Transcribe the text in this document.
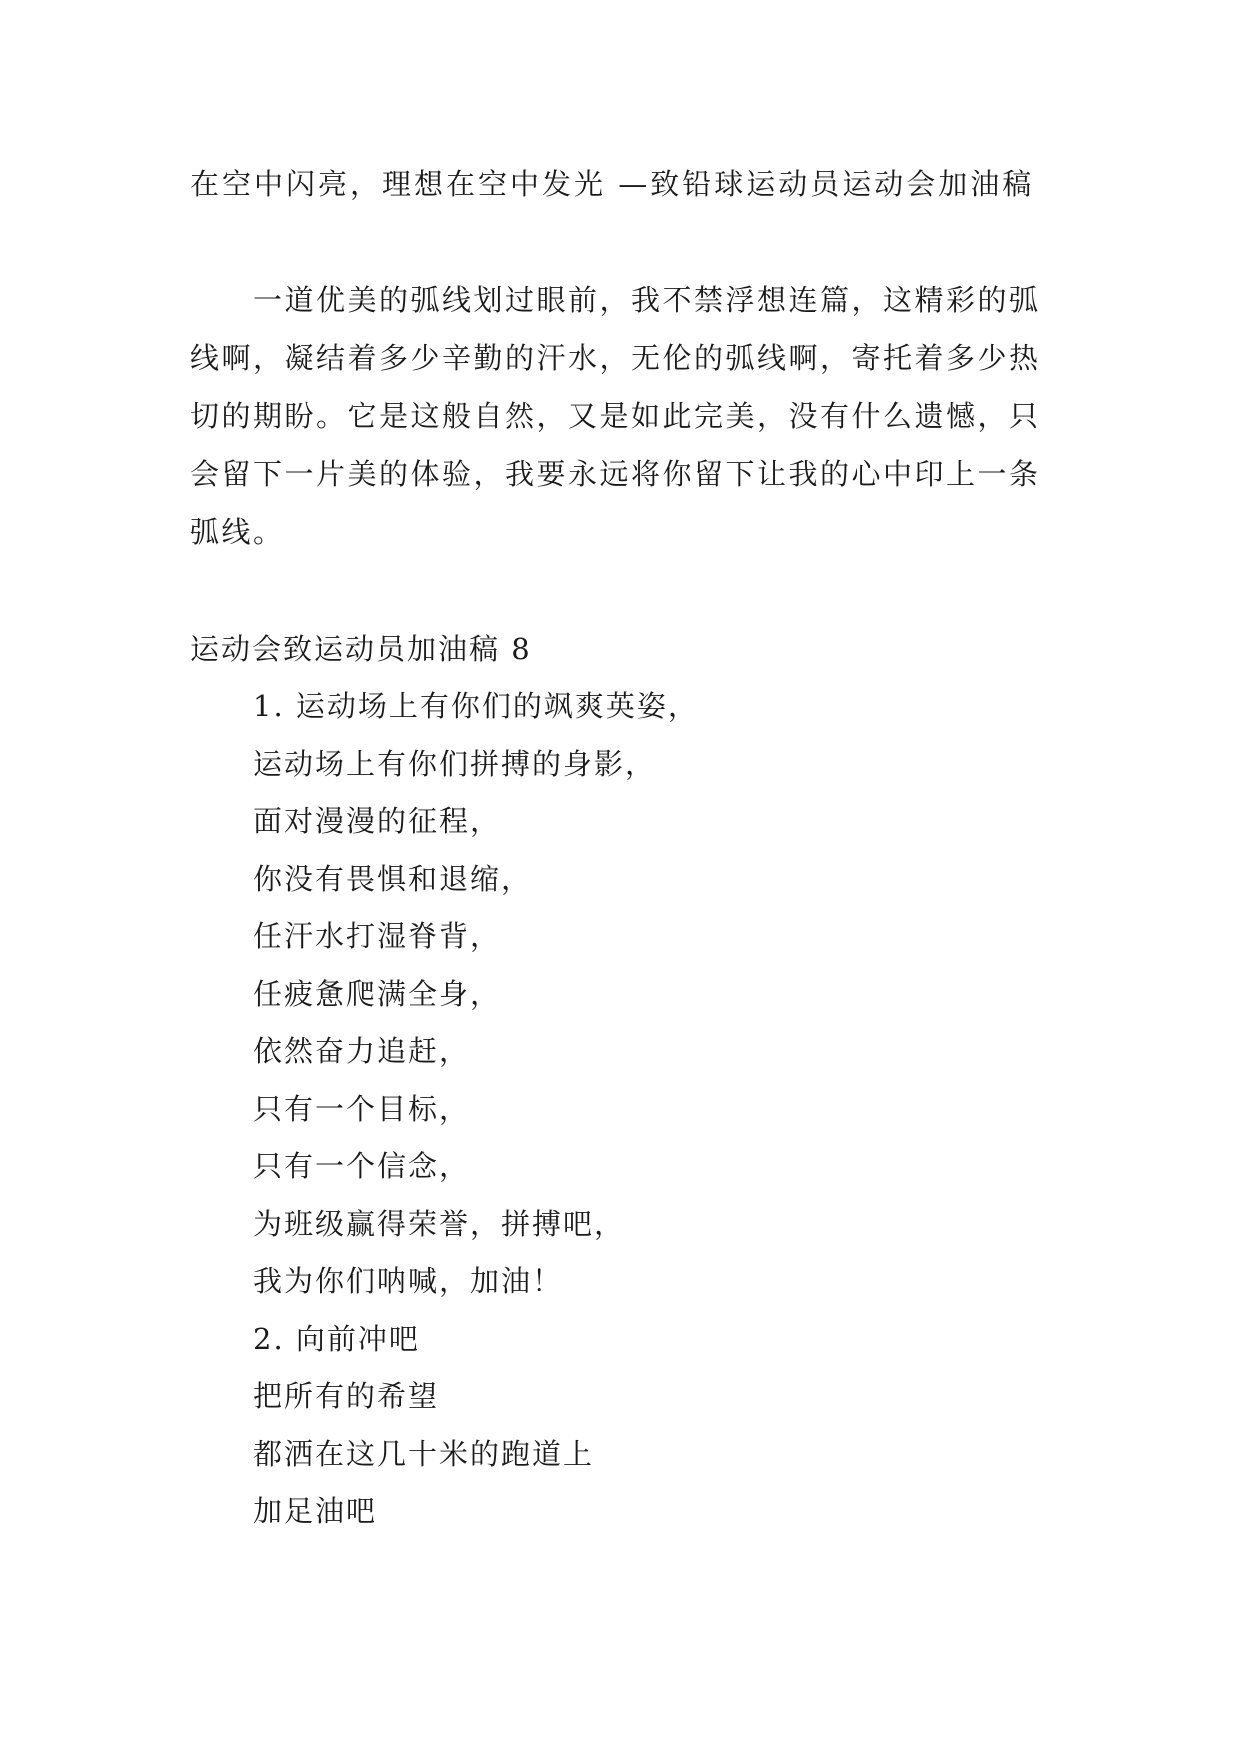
在空中闪亮，理想在空中发光 —致铅球运动员运动会加油稿
一道优美的弧线划过眼前，我不禁浮想连篇，这精彩的弧线啊，凝结着多少辛勤的汗水，无伦的弧线啊，寄托着多少热切的期盼。它是这般自然，又是如此完美，没有什么遗憾，只会留下一片美的体验，我要永远将你留下让我的心中印上一条弧线。
运动会致运动员加油稿 8
1. 运动场上有你们的飒爽英姿，
运动场上有你们拼搏的身影，
面对漫漫的征程，
你没有畏惧和退缩，
任汗水打湿脊背，
任疲惫爬满全身，
依然奋力追赶，
只有一个目标，
只有一个信念，
为班级赢得荣誉，拼搏吧，
我为你们呐喊，加油！
2. 向前冲吧
把所有的希望
都洒在这几十米的跑道上
加足油吧
